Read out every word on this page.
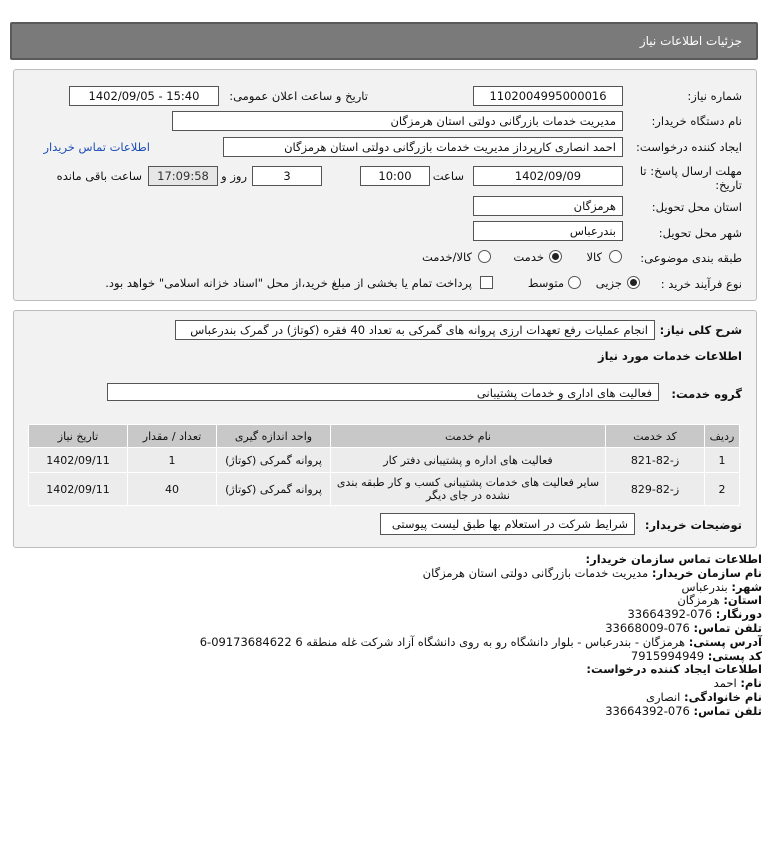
جزئیات اطلاعات نیاز
شماره نیاز:
1102004995000016
تاریخ و ساعت اعلان عمومی:
1402/09/05 - 15:40
نام دستگاه خریدار:
مدیریت خدمات بازرگانی دولتی استان هرمزگان
ایجاد کننده درخواست:
احمد انصاری کارپرداز مدیریت خدمات بازرگانی دولتی استان هرمزگان
اطلاعات تماس خریدار
مهلت ارسال پاسخ: تا
تاریخ:
1402/09/09
ساعت
10:00
3
روز و
17:09:58
ساعت باقی مانده
استان محل تحویل:
هرمزگان
شهر محل تحویل:
بندرعباس
طبقه بندی موضوعی:
کالا
خدمت
کالا/خدمت
نوع فرآیند خرید :
جزیی
متوسط
پرداخت تمام یا بخشی از مبلغ خرید،از محل "اسناد خزانه اسلامی" خواهد بود.
شرح کلی نیاز:
انجام عملیات رفع تعهدات ارزی پروانه های گمرکی به تعداد 40 فقره (کوتاژ) در گمرک بندرعباس
اطلاعات خدمات مورد نیاز
گروه خدمت:
فعالیت های اداری و خدمات پشتیبانی
ردیف	کد خدمت	نام خدمت	واحد اندازه گیری	تعداد / مقدار	تاریخ نیاز
1	ز-82-821	فعالیت های اداره و پشتیبانی دفتر کار	پروانه گمرکی (کوتاژ)	1	1402/09/11
2	ز-82-829	سایر فعالیت های خدمات پشتیبانی کسب و کار طبقه بندی نشده در جای دیگر	پروانه گمرکی (کوتاژ)	40	1402/09/11
توضیحات خریدار:
شرایط شرکت در استعلام بها طبق لیست پیوستی
اطلاعات تماس سازمان خریدار:
نام سازمان خریدار: مدیریت خدمات بازرگانی دولتی استان هرمزگان
شهر: بندرعباس
استان: هرمزگان
دورنگار: 076-33664392
تلفن تماس: 076-33668009
آدرس پستی: هرمزگان - بندرعباس - بلوار دانشگاه رو به روی دانشگاه آزاد شرکت غله منطقه 6 09173684622-6
کد پستی: 7915994949
اطلاعات ایجاد کننده درخواست:
نام: احمد
نام خانوادگی: انصاری
تلفن تماس: 076-33664392
